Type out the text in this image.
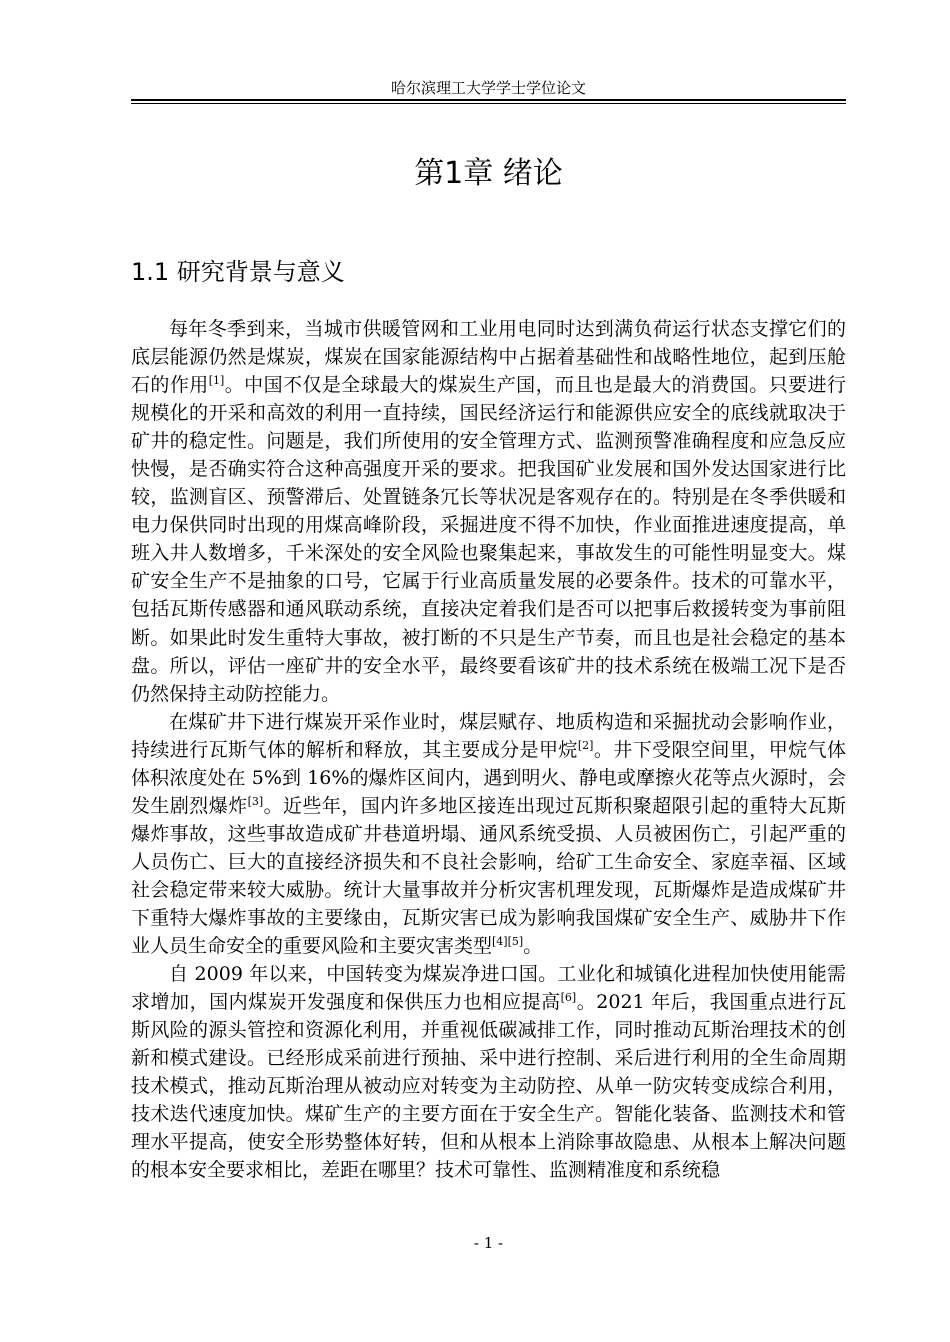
哈尔滨理工大学学士学位论文
第1章 绪论
1.1 研究背景与意义

每年冬季到来，当城市供暖管网和工业用电同时达到满负荷运行状态支撑它们的底层能源仍然是煤炭，煤炭在国家能源结构中占据着基础性和战略性地位，起到压舱石的作用[1]。中国不仅是全球最大的煤炭生产国，而且也是最大的消费国。只要进行规模化的开采和高效的利用一直持续，国民经济运行和能源供应安全的底线就取决于矿井的稳定性。问题是，我们所使用的安全管理方式、监测预警准确程度和应急反应快慢，是否确实符合这种高强度开采的要求。把我国矿业发展和国外发达国家进行比较，监测盲区、预警滞后、处置链条冗长等状况是客观存在的。特别是在冬季供暖和电力保供同时出现的用煤高峰阶段，采掘进度不得不加快，作业面推进速度提高，单班入井人数增多，千米深处的安全风险也聚集起来，事故发生的可能性明显变大。煤矿安全生产不是抽象的口号，它属于行业高质量发展的必要条件。技术的可靠水平，包括瓦斯传感器和通风联动系统，直接决定着我们是否可以把事后救援转变为事前阻断。如果此时发生重特大事故，被打断的不只是生产节奏，而且也是社会稳定的基本盘。所以，评估一座矿井的安全水平，最终要看该矿井的技术系统在极端工况下是否仍然保持主动防控能力。

在煤矿井下进行煤炭开采作业时，煤层赋存、地质构造和采掘扰动会影响作业，持续进行瓦斯气体的解析和释放，其主要成分是甲烷[2]。井下受限空间里，甲烷气体体积浓度处在 5%到 16%的爆炸区间内，遇到明火、静电或摩擦火花等点火源时，会发生剧烈爆炸[3]。近些年，国内许多地区接连出现过瓦斯积聚超限引起的重特大瓦斯爆炸事故，这些事故造成矿井巷道坍塌、通风系统受损、人员被困伤亡，引起严重的人员伤亡、巨大的直接经济损失和不良社会影响，给矿工生命安全、家庭幸福、区域社会稳定带来较大威胁。统计大量事故并分析灾害机理发现，瓦斯爆炸是造成煤矿井下重特大爆炸事故的主要缘由，瓦斯灾害已成为影响我国煤矿安全生产、威胁井下作业人员生命安全的重要风险和主要灾害类型[4][5]。

自 2009 年以来，中国转变为煤炭净进口国。工业化和城镇化进程加快使用能需求增加，国内煤炭开发强度和保供压力也相应提高[6]。2021 年后，我国重点进行瓦斯风险的源头管控和资源化利用，并重视低碳减排工作，同时推动瓦斯治理技术的创新和模式建设。已经形成采前进行预抽、采中进行控制、采后进行利用的全生命周期技术模式，推动瓦斯治理从被动应对转变为主动防控、从单一防灾转变成综合利用，技术迭代速度加快。煤矿生产的主要方面在于安全生产。智能化装备、监测技术和管理水平提高，使安全形势整体好转，但和从根本上消除事故隐患、从根本上解决问题的根本安全要求相比，差距在哪里？技术可靠性、监测精准度和系统稳

- 1 -
